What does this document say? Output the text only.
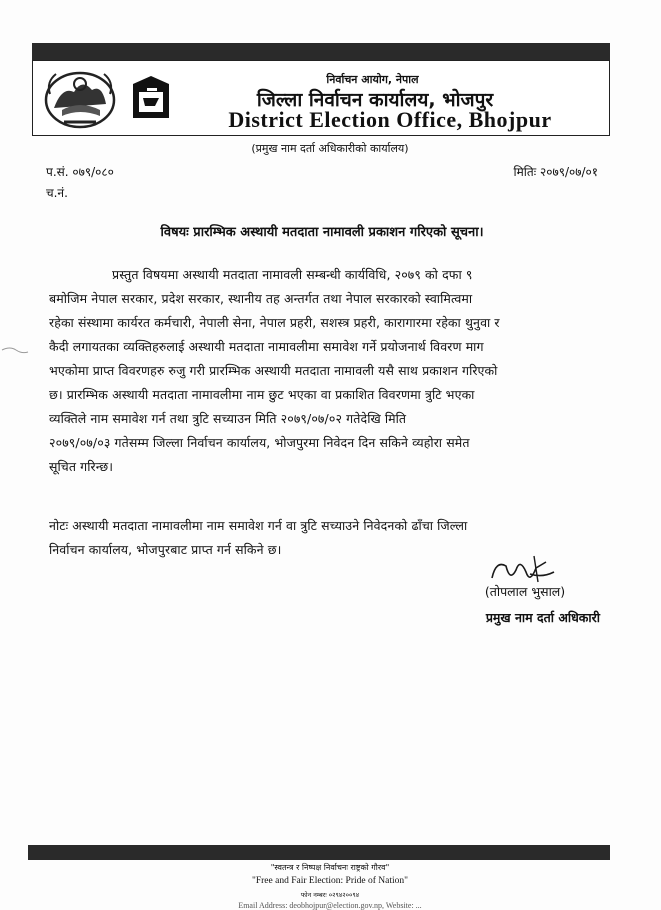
निर्वाचन आयोग, नेपाल
जिल्ला निर्वाचन कार्यालय, भोजपुर
District Election Office, Bhojpur
(प्रमुख नाम दर्ता अधिकारीको कार्यालय)
प.सं. ०७९/०८०
च.नं.
मितिः २०७९/०७/०१
विषयः प्रारम्भिक अस्थायी मतदाता नामावली प्रकाशन गरिएको सूचना।
प्रस्तुत विषयमा अस्थायी मतदाता नामावली सम्बन्धी कार्यविधि, २०७९ को दफा ९
बमोजिम नेपाल सरकार, प्रदेश सरकार, स्थानीय तह अन्तर्गत तथा नेपाल सरकारको स्वामित्वमा
रहेका संस्थामा कार्यरत कर्मचारी, नेपाली सेना, नेपाल प्रहरी, सशस्त्र प्रहरी, कारागारमा रहेका थुनुवा र
कैदी लगायतका व्यक्तिहरुलाई अस्थायी मतदाता नामावलीमा समावेश गर्ने प्रयोजनार्थ विवरण माग
भएकोमा प्राप्त विवरणहरु रुजु गरी प्रारम्भिक अस्थायी मतदाता नामावली यसै साथ प्रकाशन गरिएको
छ। प्रारम्भिक अस्थायी मतदाता नामावलीमा नाम छुट भएका वा प्रकाशित विवरणमा त्रुटि भएका
व्यक्तिले नाम समावेश गर्न तथा त्रुटि सच्याउन मिति २०७९/०७/०२ गतेदेखि मिति
२०७९/०७/०३ गतेसम्म जिल्ला निर्वाचन कार्यालय, भोजपुरमा निवेदन दिन सकिने व्यहोरा समेत
सूचित गरिन्छ।
नोटः अस्थायी मतदाता नामावलीमा नाम समावेश गर्न वा त्रुटि सच्याउने निवेदनको ढाँचा जिल्ला
निर्वाचन कार्यालय, भोजपुरबाट प्राप्त गर्न सकिने छ।
(तोपलाल भुसाल)
प्रमुख नाम दर्ता अधिकारी
"स्वतन्त्र र निष्पक्ष निर्वाचनः राष्ट्रको गौरव"
"Free and Fair Election: Pride of Nation"
फोन नम्बरः ०२९४२००९४
Email Address: deobhojpur@election.gov.np, Website: ...
